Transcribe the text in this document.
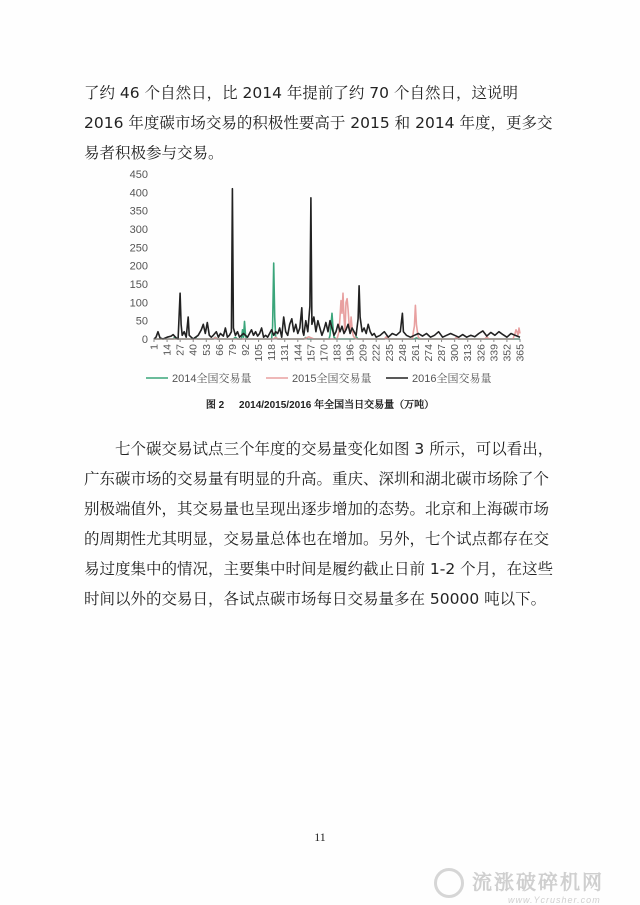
了约 46 个自然日，比 2014 年提前了约 70 个自然日，这说明 2016 年度碳市场交易的积极性要高于 2015 和 2014 年度，更多交易者积极参与交易。

0
50
100
150
200
250
300
350
400
450
1 14 27 40 53 66 79 92 105 118 131 144 157 170 183 196 209 222 235 248 261 274 287 300 313 326 339 352 365
2014全国交易量	2015全国交易量	2016全国交易量
图 2 2014/2015/2016 年全国当日交易量（万吨）

七个碳交易试点三个年度的交易量变化如图 3 所示，可以看出，广东碳市场的交易量有明显的升高。重庆、深圳和湖北碳市场除了个别极端值外，其交易量也呈现出逐步增加的态势。北京和上海碳市场的周期性尤其明显，交易量总体也在增加。另外，七个试点都存在交易过度集中的情况，主要集中时间是履约截止日前 1-2 个月，在这些时间以外的交易日，各试点碳市场每日交易量多在 50000 吨以下。

11
流涨破碎机网
www.Ycrusher.com
